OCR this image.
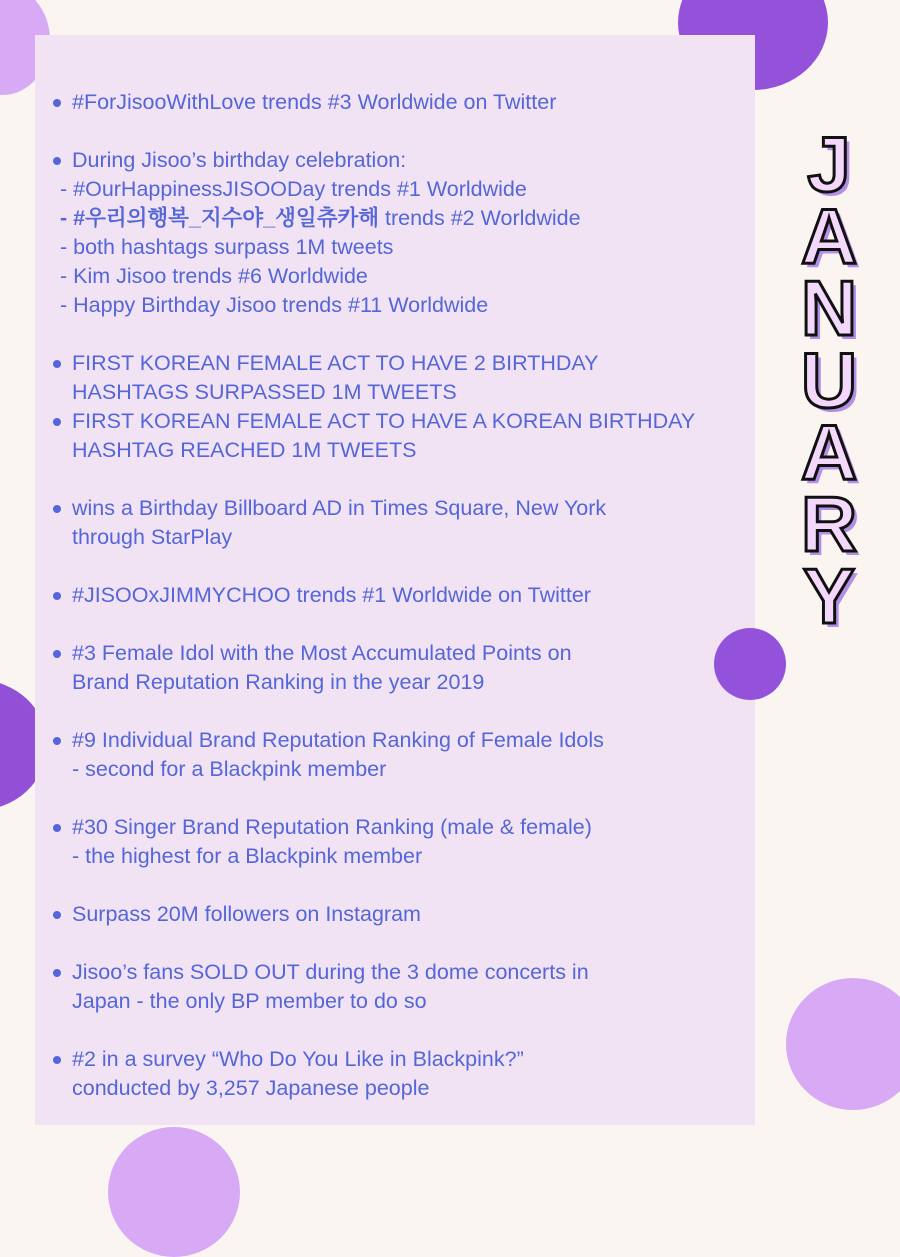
#ForJisooWithLove trends #3 Worldwide on Twitter
During Jisoo’s birthday celebration:
- #OurHappinessJISOODay trends #1 Worldwide
- #우리의행복_지수야_생일츄카해 trends #2 Worldwide
- both hashtags surpass 1M tweets
- Kim Jisoo trends #6 Worldwide
- Happy Birthday Jisoo trends #11 Worldwide
FIRST KOREAN FEMALE ACT TO HAVE 2 BIRTHDAY
HASHTAGS SURPASSED 1M TWEETS
FIRST KOREAN FEMALE ACT TO HAVE A KOREAN BIRTHDAY
HASHTAG REACHED 1M TWEETS
wins a Birthday Billboard AD in Times Square, New York
through StarPlay
#JISOOxJIMMYCHOO trends #1 Worldwide on Twitter
#3 Female Idol with the Most Accumulated Points on
Brand Reputation Ranking in the year 2019
#9 Individual Brand Reputation Ranking of Female Idols
- second for a Blackpink member
#30 Singer Brand Reputation Ranking (male & female)
- the highest for a Blackpink member
Surpass 20M followers on Instagram
Jisoo’s fans SOLD OUT during the 3 dome concerts in
Japan - the only BP member to do so
#2 in a survey “Who Do You Like in Blackpink?”
conducted by 3,257 Japanese people
J
A
N
U
A
R
Y
